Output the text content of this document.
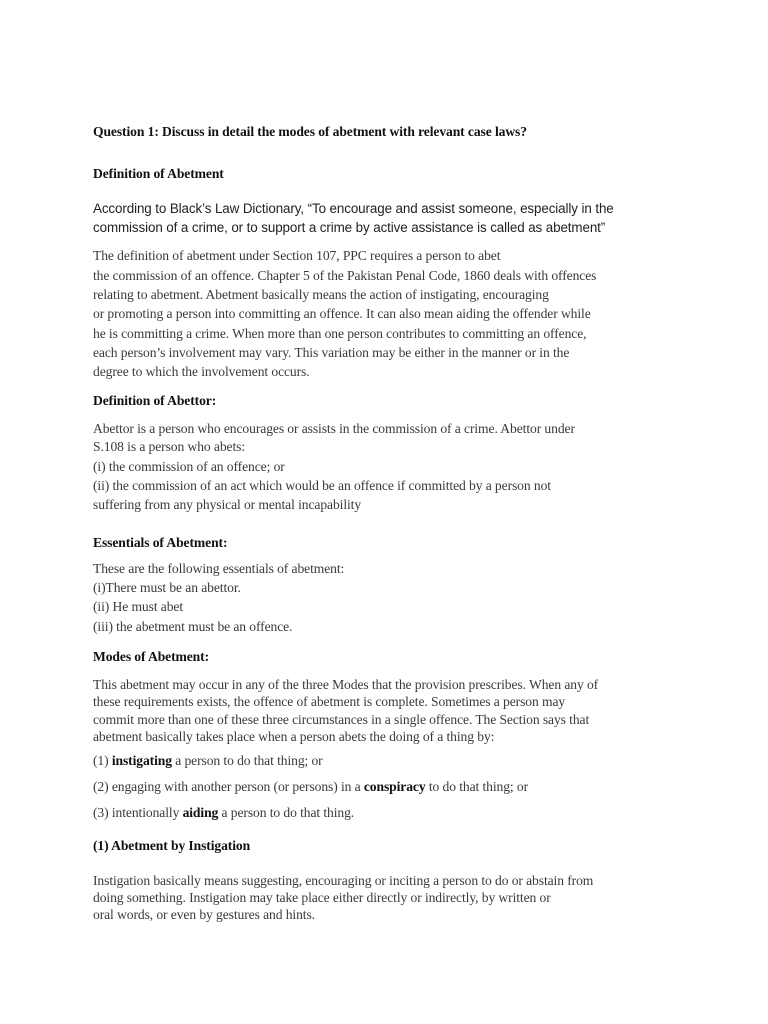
Question 1: Discuss in detail the modes of abetment with relevant case laws?
Definition of Abetment
According to Black’s Law Dictionary, “To encourage and assist someone, especially in the
commission of a crime, or to support a crime by active assistance is called as abetment”
The definition of abetment under Section 107, PPC requires a person to abet
the commission of an offence. Chapter 5 of the Pakistan Penal Code, 1860 deals with offences
relating to abetment. Abetment basically means the action of instigating, encouraging
or promoting a person into committing an offence. It can also mean aiding the offender while
he is committing a crime. When more than one person contributes to committing an offence,
each person’s involvement may vary. This variation may be either in the manner or in the
degree to which the involvement occurs.
Definition of Abettor:
Abettor is a person who encourages or assists in the commission of a crime. Abettor under
S.108 is a person who abets:
(i) the commission of an offence; or
(ii) the commission of an act which would be an offence if committed by a person not
suffering from any physical or mental incapability
Essentials of Abetment:
These are the following essentials of abetment:
(i)There must be an abettor.
(ii) He must abet
(iii) the abetment must be an offence.
Modes of Abetment:
This abetment may occur in any of the three Modes that the provision prescribes. When any of
these requirements exists, the offence of abetment is complete. Sometimes a person may
commit more than one of these three circumstances in a single offence. The Section says that
abetment basically takes place when a person abets the doing of a thing by:
(1) instigating a person to do that thing; or
(2) engaging with another person (or persons) in a conspiracy to do that thing; or
(3) intentionally aiding a person to do that thing.
(1) Abetment by Instigation
Instigation basically means suggesting, encouraging or inciting a person to do or abstain from
doing something. Instigation may take place either directly or indirectly, by written or
oral words, or even by gestures and hints.
